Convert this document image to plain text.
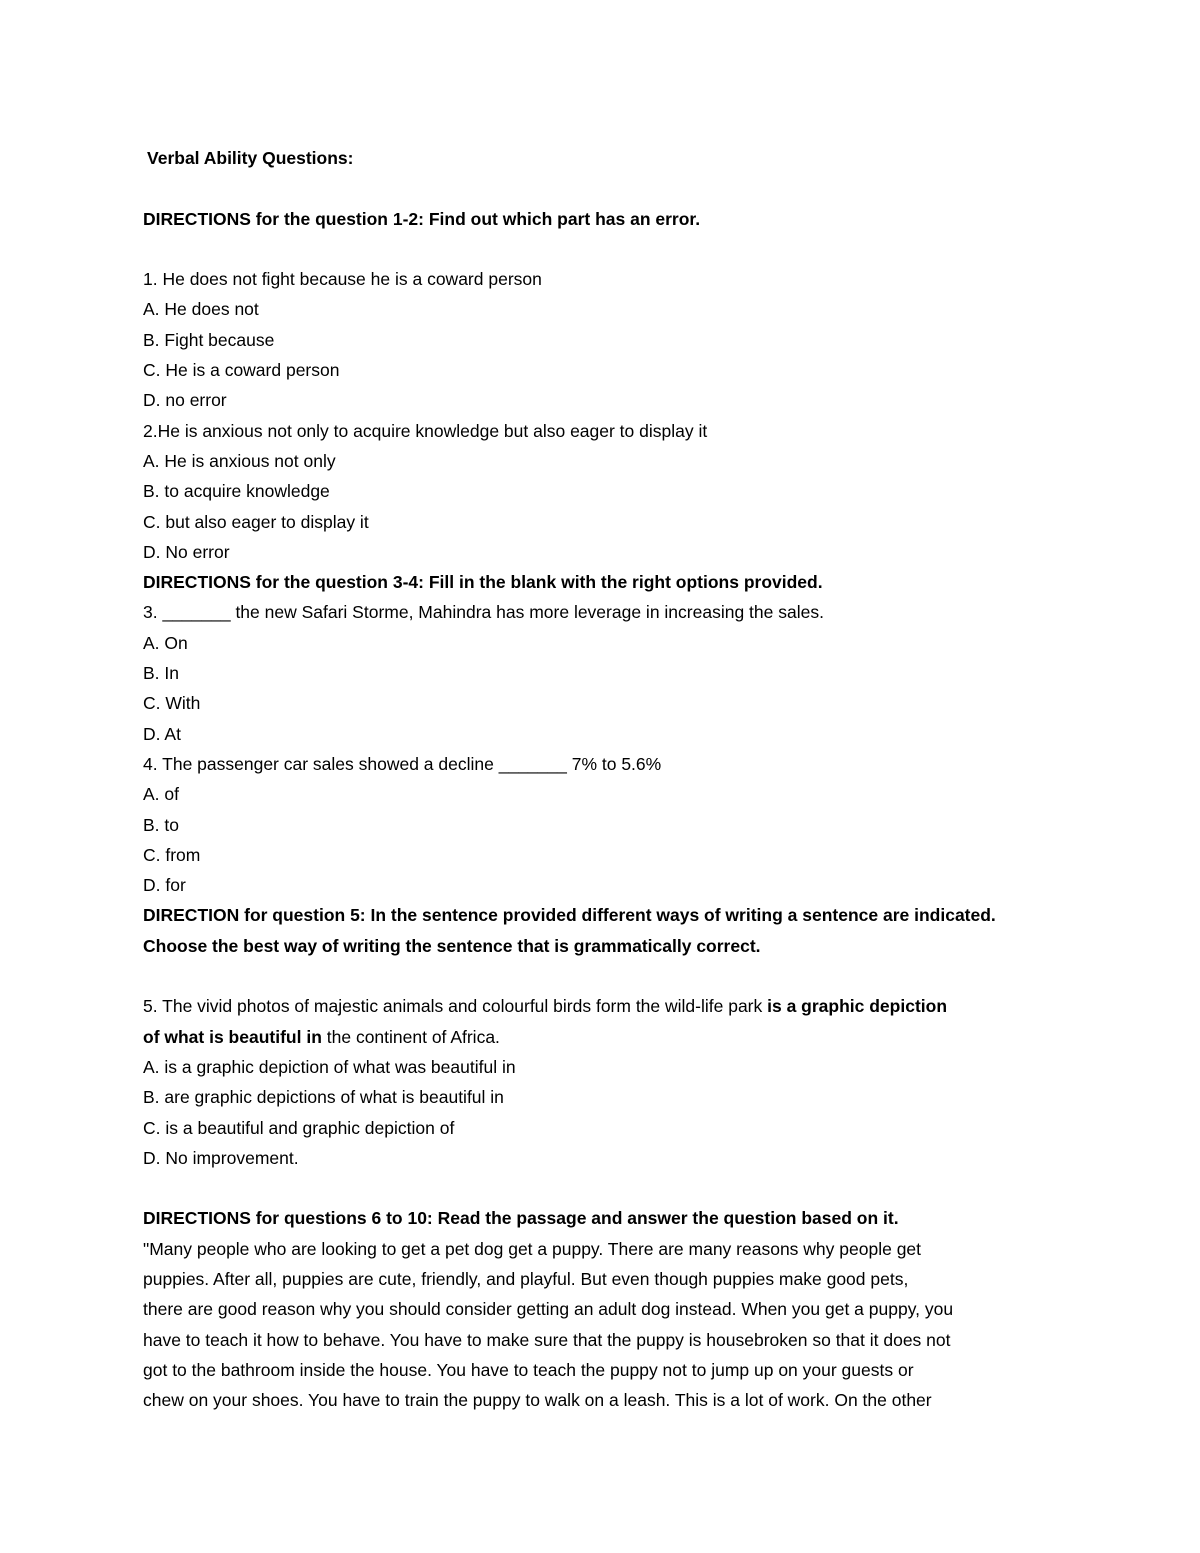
Verbal Ability Questions:
DIRECTIONS for the question 1-2: Find out which part has an error.
1. He does not fight because he is a coward person
A. He does not
B. Fight because
C. He is a coward person
D. no error
2.He is anxious not only to acquire knowledge but also eager to display it
A. He is anxious not only
B. to acquire knowledge
C. but also eager to display it
D. No error
DIRECTIONS for the question 3-4: Fill in the blank with the right options provided.
3. _______ the new Safari Storme, Mahindra has more leverage in increasing the sales.
A. On
B. In
C. With
D. At
4. The passenger car sales showed a decline _______ 7% to 5.6%
A. of
B. to
C. from
D. for
DIRECTION for question 5: In the sentence provided different ways of writing a sentence are indicated.
Choose the best way of writing the sentence that is grammatically correct.
5. The vivid photos of majestic animals and colourful birds form the wild-life park is a graphic depiction
of what is beautiful in the continent of Africa.
A. is a graphic depiction of what was beautiful in
B. are graphic depictions of what is beautiful in
C. is a beautiful and graphic depiction of
D. No improvement.
DIRECTIONS for questions 6 to 10: Read the passage and answer the question based on it.
"Many people who are looking to get a pet dog get a puppy. There are many reasons why people get
puppies. After all, puppies are cute, friendly, and playful. But even though puppies make good pets,
there are good reason why you should consider getting an adult dog instead. When you get a puppy, you
have to teach it how to behave. You have to make sure that the puppy is housebroken so that it does not
got to the bathroom inside the house. You have to teach the puppy not to jump up on your guests or
chew on your shoes. You have to train the puppy to walk on a leash. This is a lot of work. On the other
